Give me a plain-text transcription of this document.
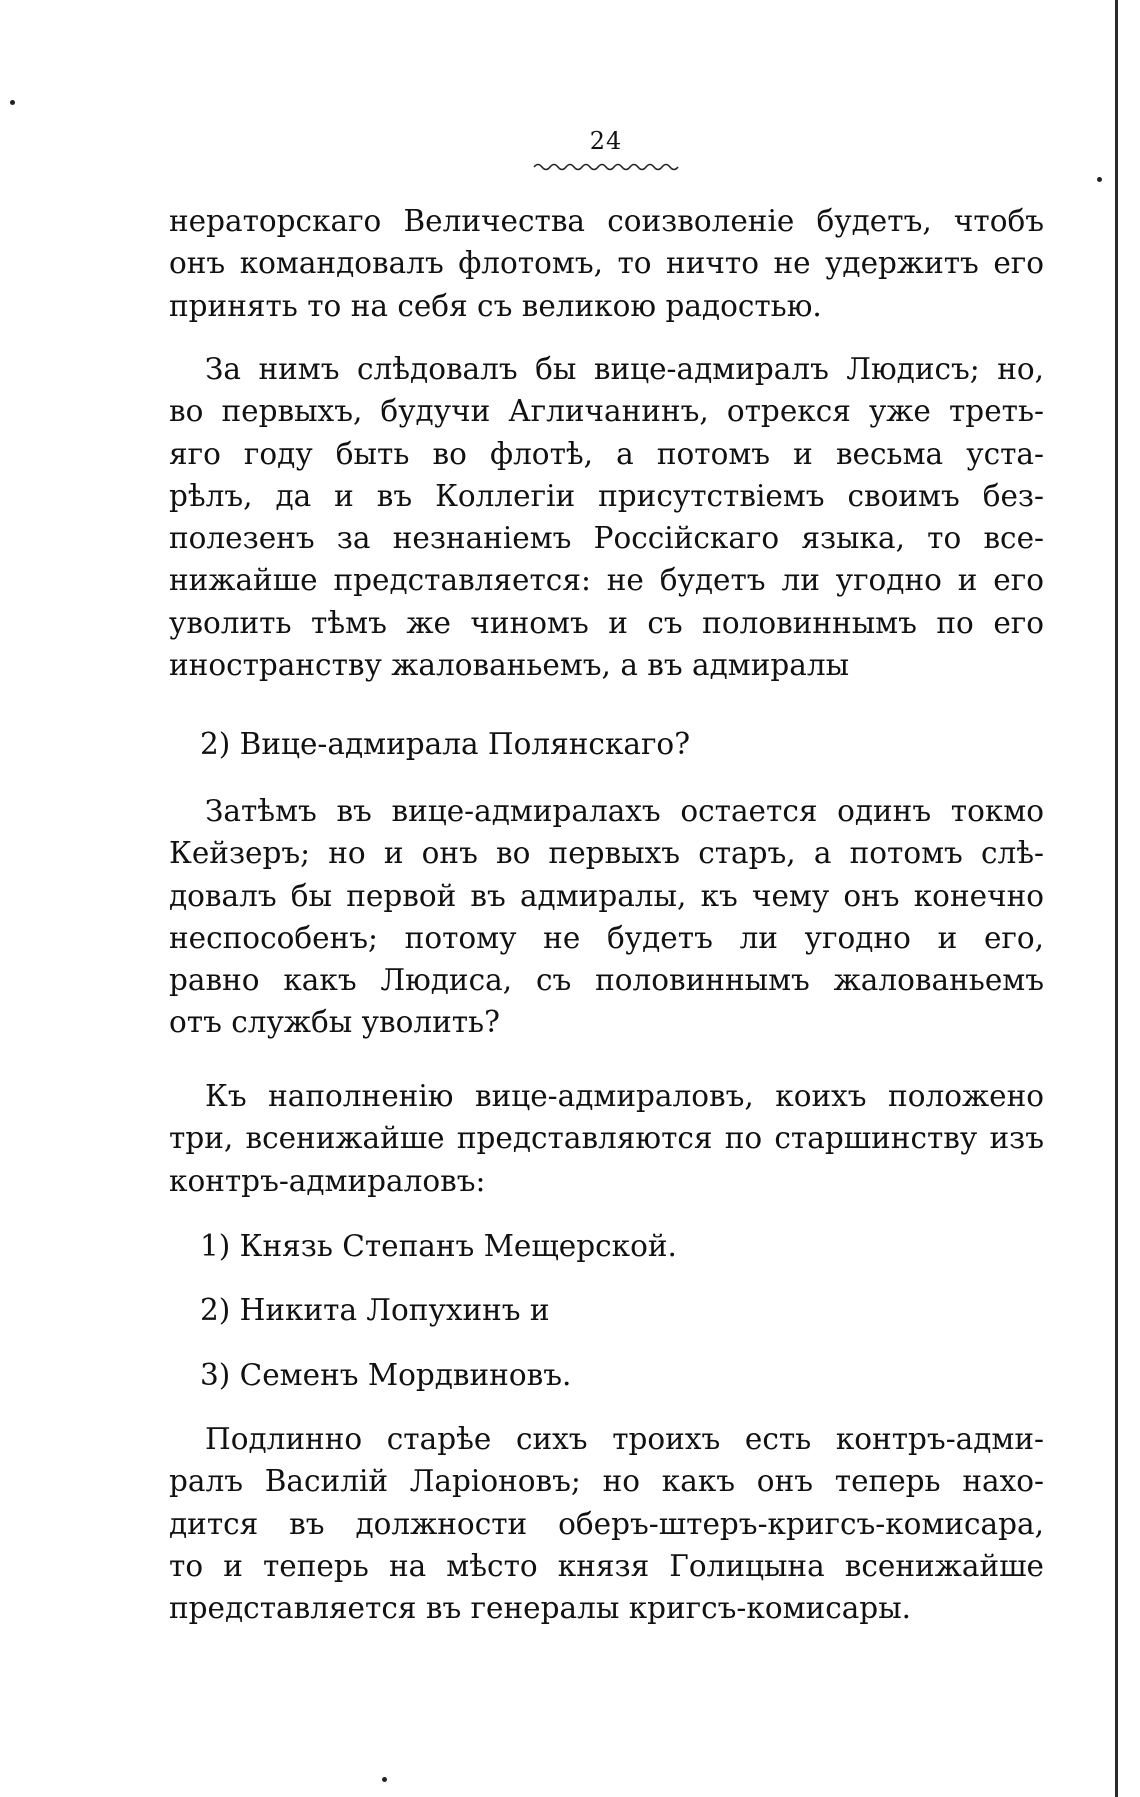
24
нераторскаго Величества соизволеніе будетъ, чтобъ
онъ командовалъ флотомъ, то ничто не удержитъ его
принять то на себя съ великою радостью.
За нимъ слѣдовалъ бы вице-адмиралъ Людисъ; но,
во первыхъ, будучи Агличанинъ, отрекся уже треть-
яго году быть во флотѣ, а потомъ и весьма уста-
рѣлъ, да и въ Коллегіи присутствіемъ своимъ без-
полезенъ за незнаніемъ Россійскаго языка, то все-
нижайше представляется: не будетъ ли угодно и его
уволить тѣмъ же чиномъ и съ половиннымъ по его
иностранству жалованьемъ, а въ адмиралы
2) Вице-адмирала Полянскаго?
Затѣмъ въ вице-адмиралахъ остается одинъ токмо
Кейзеръ; но и онъ во первыхъ старъ, а потомъ слѣ-
довалъ бы первой въ адмиралы, къ чему онъ конечно
неспособенъ; потому не будетъ ли угодно и его,
равно какъ Людиса, съ половиннымъ жалованьемъ
отъ службы уволить?
Къ наполненію вице-адмираловъ, коихъ положено
три, всенижайше представляются по старшинству изъ
контръ-адмираловъ:
1) Князь Степанъ Мещерской.
2) Никита Лопухинъ и
3) Семенъ Мордвиновъ.
Подлинно старѣе сихъ троихъ есть контръ-адми-
ралъ Василій Ларіоновъ; но какъ онъ теперь нахо-
дится въ должности оберъ-штеръ-кригсъ-комисара,
то и теперь на мѣсто князя Голицына всенижайше
представляется въ генералы кригсъ-комисары.
